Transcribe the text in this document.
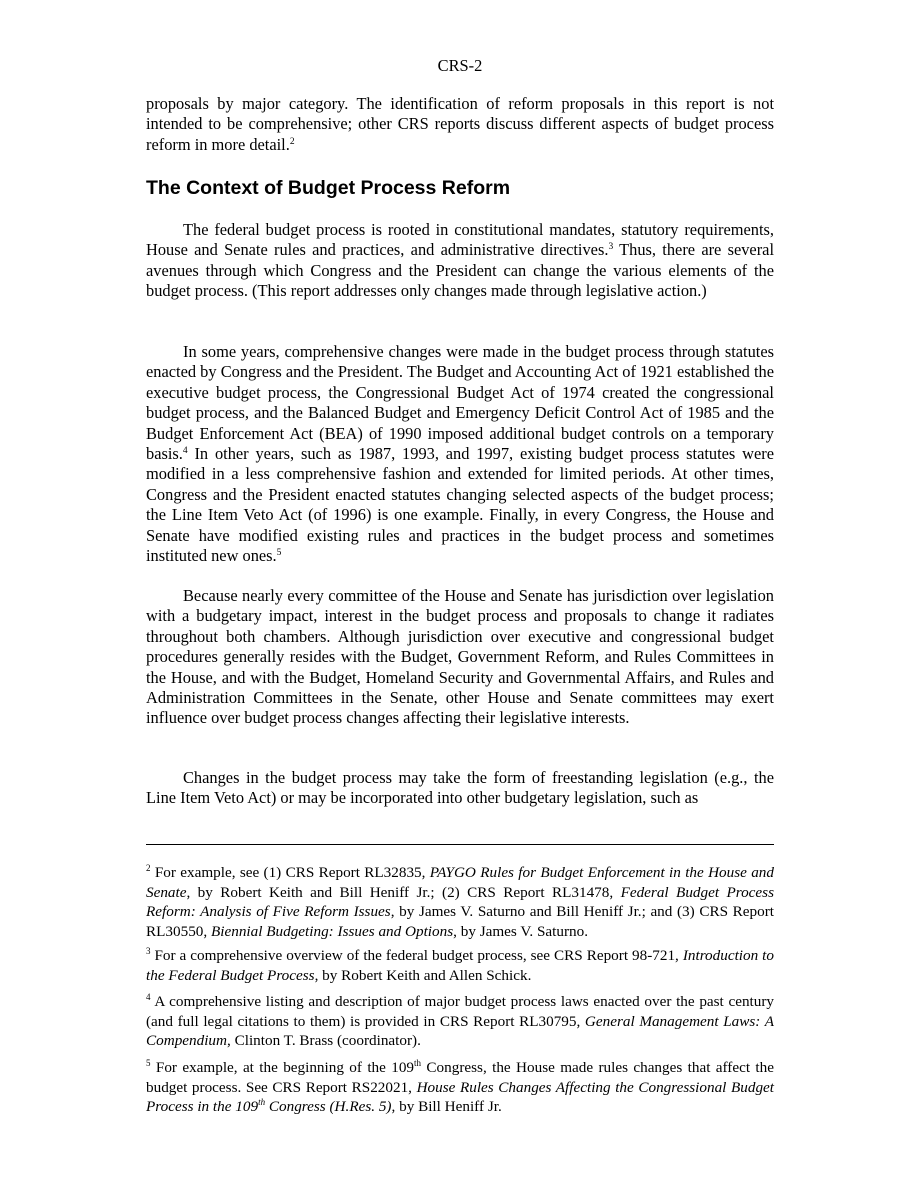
CRS-2

proposals by major category. The identification of reform proposals in this report is not intended to be comprehensive; other CRS reports discuss different aspects of budget process reform in more detail.$^2$

The Context of Budget Process Reform

The federal budget process is rooted in constitutional mandates, statutory requirements, House and Senate rules and practices, and administrative directives.$^3$ Thus, there are several avenues through which Congress and the President can change the various elements of the budget process. (This report addresses only changes made through legislative action.)

In some years, comprehensive changes were made in the budget process through statutes enacted by Congress and the President. The Budget and Accounting Act of 1921 established the executive budget process, the Congressional Budget Act of 1974 created the congressional budget process, and the Balanced Budget and Emergency Deficit Control Act of 1985 and the Budget Enforcement Act (BEA) of 1990 imposed additional budget controls on a temporary basis.$^4$ In other years, such as 1987, 1993, and 1997, existing budget process statutes were modified in a less comprehensive fashion and extended for limited periods. At other times, Congress and the President enacted statutes changing selected aspects of the budget process; the Line Item Veto Act (of 1996) is one example. Finally, in every Congress, the House and Senate have modified existing rules and practices in the budget process and sometimes instituted new ones.$^5$

Because nearly every committee of the House and Senate has jurisdiction over legislation with a budgetary impact, interest in the budget process and proposals to change it radiates throughout both chambers. Although jurisdiction over executive and congressional budget procedures generally resides with the Budget, Government Reform, and Rules Committees in the House, and with the Budget, Homeland Security and Governmental Affairs, and Rules and Administration Committees in the Senate, other House and Senate committees may exert influence over budget process changes affecting their legislative interests.

Changes in the budget process may take the form of freestanding legislation (e.g., the Line Item Veto Act) or may be incorporated into other budgetary legislation, such as

$^2$ For example, see (1) CRS Report RL32835, PAYGO Rules for Budget Enforcement in the House and Senate, by Robert Keith and Bill Heniff Jr.; (2) CRS Report RL31478, Federal Budget Process Reform: Analysis of Five Reform Issues, by James V. Saturno and Bill Heniff Jr.; and (3) CRS Report RL30550, Biennial Budgeting: Issues and Options, by James V. Saturno.

$^3$ For a comprehensive overview of the federal budget process, see CRS Report 98-721, Introduction to the Federal Budget Process, by Robert Keith and Allen Schick.

$^4$ A comprehensive listing and description of major budget process laws enacted over the past century (and full legal citations to them) is provided in CRS Report RL30795, General Management Laws: A Compendium, Clinton T. Brass (coordinator).

$^5$ For example, at the beginning of the 109th Congress, the House made rules changes that affect the budget process. See CRS Report RS22021, House Rules Changes Affecting the Congressional Budget Process in the 109th Congress (H.Res. 5), by Bill Heniff Jr.
